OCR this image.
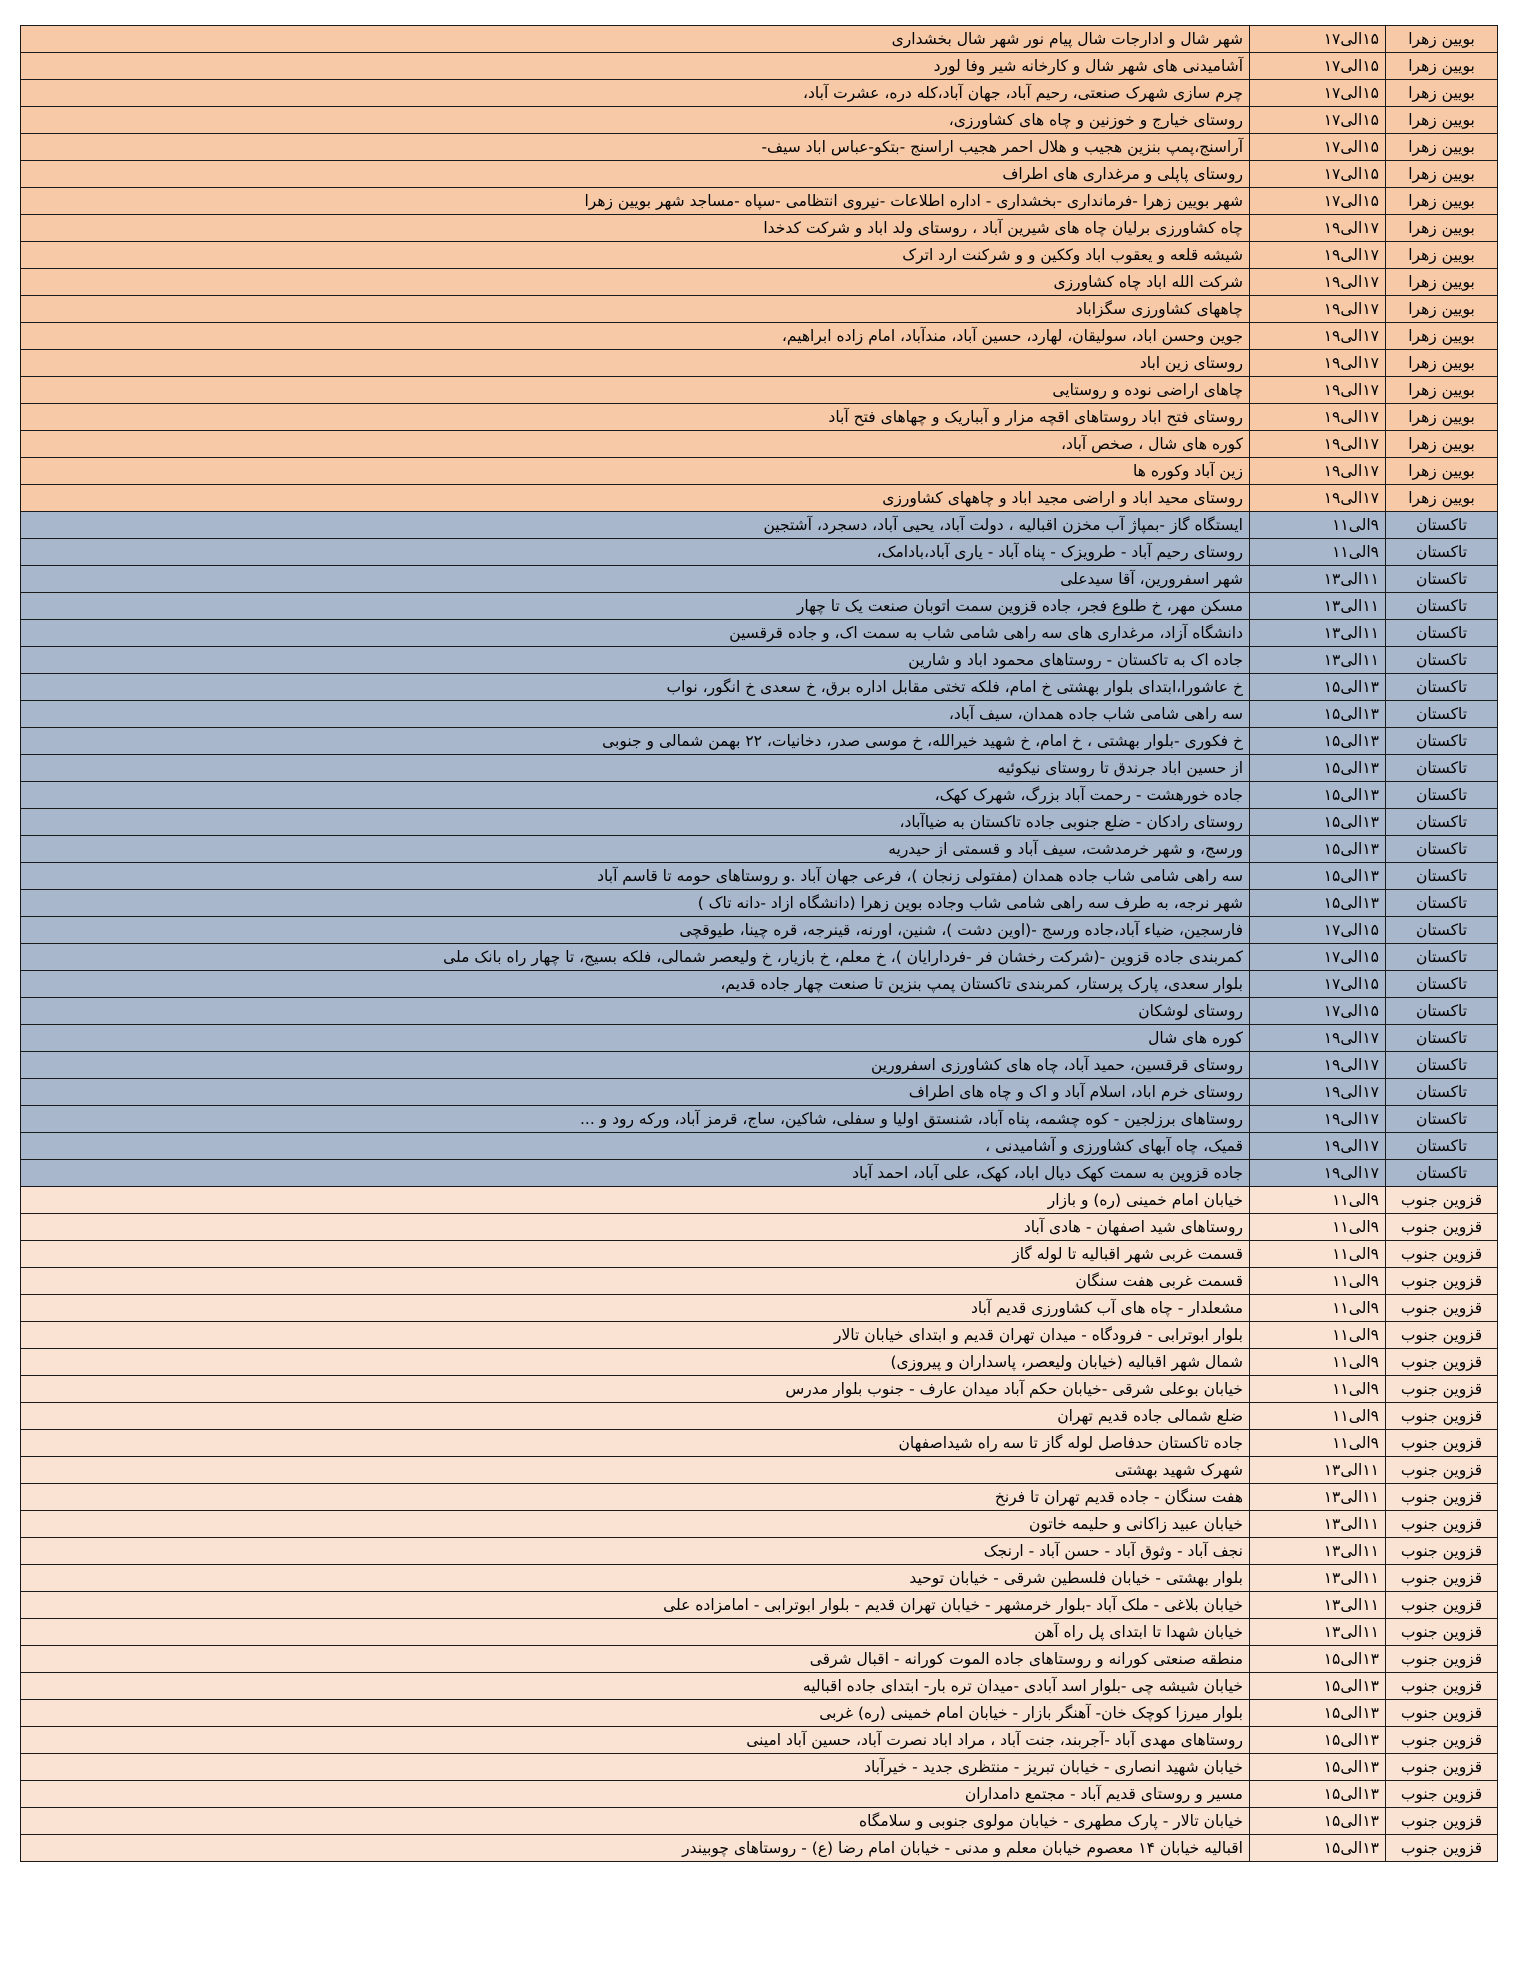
بویین زهرا	۱۵الی۱۷	شهر شال و ادارجات شال پیام نور شهر شال بخشداری
بویین زهرا	۱۵الی۱۷	آشامیدنی های شهر شال و کارخانه شیر وفا لورد
بویین زهرا	۱۵الی۱۷	چرم سازی شهرک صنعتی، رحیم آباد، جهان آباد،کله دره، عشرت آباد،
بویین زهرا	۱۵الی۱۷	روستای خیارج و خوزنین و چاه های کشاورزی،
بویین زهرا	۱۵الی۱۷	آراسنج،پمپ بنزین هجیب و هلال احمر هجیب اراسنج -بتکو-عباس اباد سیف-
بویین زهرا	۱۵الی۱۷	روستای پاپلی و مرغداری های اطراف
بویین زهرا	۱۵الی۱۷	شهر بویین زهرا -فرمانداری -بخشداری - اداره اطلاعات -نیروی انتظامی -سپاه -مساجد شهر بویین زهرا
بویین زهرا	۱۷الی۱۹	چاه کشاورزی برلیان چاه های شیرین آباد ، روستای ولد اباد و شرکت کدخدا
بویین زهرا	۱۷الی۱۹	شیشه قلعه و یعقوب اباد وککین و و شرکنت ارد اترک
بویین زهرا	۱۷الی۱۹	شرکت الله اباد چاه کشاورزی
بویین زهرا	۱۷الی۱۹	چاههای کشاورزی سگزاباد
بویین زهرا	۱۷الی۱۹	جوین وحسن اباد، سولیقان، لهارد، حسین آباد، مندآباد، امام زاده ابراهیم،
بویین زهرا	۱۷الی۱۹	روستای زین اباد
بویین زهرا	۱۷الی۱۹	چاهای اراضی نوده و روستایی
بویین زهرا	۱۷الی۱۹	روستای فتح اباد روستاهای اقچه مزار و آبباریک و چهاهای فتح آباد
بویین زهرا	۱۷الی۱۹	کوره های شال ، صخص آباد،
بویین زهرا	۱۷الی۱۹	زین آباد وکوره ها
بویین زهرا	۱۷الی۱۹	روستای محید اباد و اراضی مجید اباد و چاههای کشاورزی
تاکستان	۹الی۱۱	ایستگاه گاز -بمپاژ آب مخزن اقبالیه ، دولت آباد، یحیی آباد، دسجرد، آشتجین
تاکستان	۹الی۱۱	روستای رحیم آباد - طرویزک - پناه آباد - یاری آباد،بادامک،
تاکستان	۱۱الی۱۳	شهر اسفرورین، آقا سیدعلی
تاکستان	۱۱الی۱۳	مسکن مهر، خ طلوع فجر، جاده قزوین سمت اتوبان صنعت یک تا چهار
تاکستان	۱۱الی۱۳	دانشگاه آزاد، مرغداری های سه راهی شامی شاب به سمت اک، و جاده قرقسین
تاکستان	۱۱الی۱۳	جاده اک به تاکستان - روستاهای محمود اباد و شارین
تاکستان	۱۳الی۱۵	خ عاشورا،ابتدای بلوار بهشتی خ امام، فلکه تختی مقابل اداره برق، خ سعدی خ انگور، نواب
تاکستان	۱۳الی۱۵	سه راهی شامی شاب جاده همدان، سیف آباد،
تاکستان	۱۳الی۱۵	خ فکوری -بلوار بهشتی ، خ امام، خ شهید خیرالله، خ موسی صدر، دخانیات، ۲۲ بهمن شمالی و جنوبی
تاکستان	۱۳الی۱۵	از حسین اباد جرندق تا روستای نیکوئیه
تاکستان	۱۳الی۱۵	جاده خورهشت - رحمت آباد بزرگ، شهرک کهک،
تاکستان	۱۳الی۱۵	روستای رادکان - ضلع جنوبی جاده تاکستان به ضیاآباد،
تاکستان	۱۳الی۱۵	ورسج، و شهر خرمدشت، سیف آباد و قسمتی از حیدریه
تاکستان	۱۳الی۱۵	سه راهی شامی شاب جاده همدان (مفتولی زنجان )، فرعی جهان آباد .و روستاهای حومه تا قاسم آباد
تاکستان	۱۳الی۱۵	شهر نرجه، به طرف سه راهی شامی شاب وجاده بوین زهرا (دانشگاه ازاد -دانه تاک )
تاکستان	۱۵الی۱۷	فارسجین، ضیاء آباد،جاده ورسج -(اوین دشت )، شنین، اورنه، قینرجه، قره چینا، طیوقچی
تاکستان	۱۵الی۱۷	کمربندی جاده قزوین -(شرکت رخشان فر -فردارایان )، خ معلم، خ بازیار، خ ولیعصر شمالی، فلکه بسیج، تا چهار راه بانک ملی
تاکستان	۱۵الی۱۷	بلوار سعدی، پارک پرستار، کمربندی تاکستان پمپ بنزین تا صنعت چهار جاده قدیم،
تاکستان	۱۵الی۱۷	روستای لوشکان
تاکستان	۱۷الی۱۹	کوره های شال
تاکستان	۱۷الی۱۹	روستای قرقسین، حمید آباد، چاه های کشاورزی اسفرورین
تاکستان	۱۷الی۱۹	روستای خرم اباد، اسلام آباد و اک و چاه های اطراف
تاکستان	۱۷الی۱۹	روستاهای برزلجین - کوه چشمه، پناه آباد، شنستق اولیا و سفلی، شاکین، ساج، قرمز آباد، ورکه رود و ...
تاکستان	۱۷الی۱۹	قمیک، چاه آبهای کشاورزی و آشامیدنی ،
تاکستان	۱۷الی۱۹	جاده قزوین به سمت کهک دیال اباد، کهک، علی آباد، احمد آباد
قزوین جنوب	۹الی۱۱	خیابان امام خمینی (ره) و بازار
قزوین جنوب	۹الی۱۱	روستاهای شید اصفهان - هادی آباد
قزوین جنوب	۹الی۱۱	قسمت غربی شهر اقبالیه تا لوله گاز
قزوین جنوب	۹الی۱۱	قسمت غربی هفت سنگان
قزوین جنوب	۹الی۱۱	مشعلدار - چاه های آب کشاورزی قدیم آباد
قزوین جنوب	۹الی۱۱	بلوار ابوترابی - فرودگاه - میدان تهران قدیم و ابتدای خیابان تالار
قزوین جنوب	۹الی۱۱	شمال شهر اقبالیه (خیابان ولیعصر، پاسداران و پیروزی)
قزوین جنوب	۹الی۱۱	خیابان بوعلی شرقی -خیابان حکم آباد میدان عارف - جنوب بلوار مدرس
قزوین جنوب	۹الی۱۱	ضلع شمالی جاده قدیم تهران
قزوین جنوب	۹الی۱۱	جاده تاکستان حدفاصل لوله گاز تا سه راه شیداصفهان
قزوین جنوب	۱۱الی۱۳	شهرک شهید بهشتی
قزوین جنوب	۱۱الی۱۳	هفت سنگان - جاده قدیم تهران تا فرنخ
قزوین جنوب	۱۱الی۱۳	خیابان عبید زاکانی و حلیمه خاتون
قزوین جنوب	۱۱الی۱۳	نجف آباد - وثوق آباد - حسن آباد - ارنجک
قزوین جنوب	۱۱الی۱۳	بلوار بهشتی - خیابان فلسطین شرقی - خیابان توحید
قزوین جنوب	۱۱الی۱۳	خیابان بلاغی - ملک آباد -بلوار خرمشهر - خیابان تهران قدیم - بلوار ابوترابی - امامزاده علی
قزوین جنوب	۱۱الی۱۳	خیابان شهدا تا ابتدای پل راه آهن
قزوین جنوب	۱۳الی۱۵	منطقه صنعتی کورانه و روستاهای جاده الموت کورانه - اقبال شرقی
قزوین جنوب	۱۳الی۱۵	خیابان شیشه چی -بلوار اسد آبادی -میدان تره بار- ابتدای جاده اقبالیه
قزوین جنوب	۱۳الی۱۵	بلوار میرزا کوچک خان- آهنگر بازار - خیابان امام خمینی (ره) غربی
قزوین جنوب	۱۳الی۱۵	روستاهای مهدی آباد -آجربند، جنت آباد ، مراد اباد نصرت آباد، حسین آباد امینی
قزوین جنوب	۱۳الی۱۵	خیابان شهید انصاری - خیابان تبریز - منتظری جدید - خیرآباد
قزوین جنوب	۱۳الی۱۵	مسیر و روستای قدیم آباد - مجتمع دامداران
قزوین جنوب	۱۳الی۱۵	خیابان تالار - پارک مطهری - خیابان مولوی جنوبی و سلامگاه
قزوین جنوب	۱۳الی۱۵	اقبالیه خیابان ۱۴ معصوم خیابان معلم و مدنی - خیابان امام رضا (ع) - روستاهای چوبیندر
